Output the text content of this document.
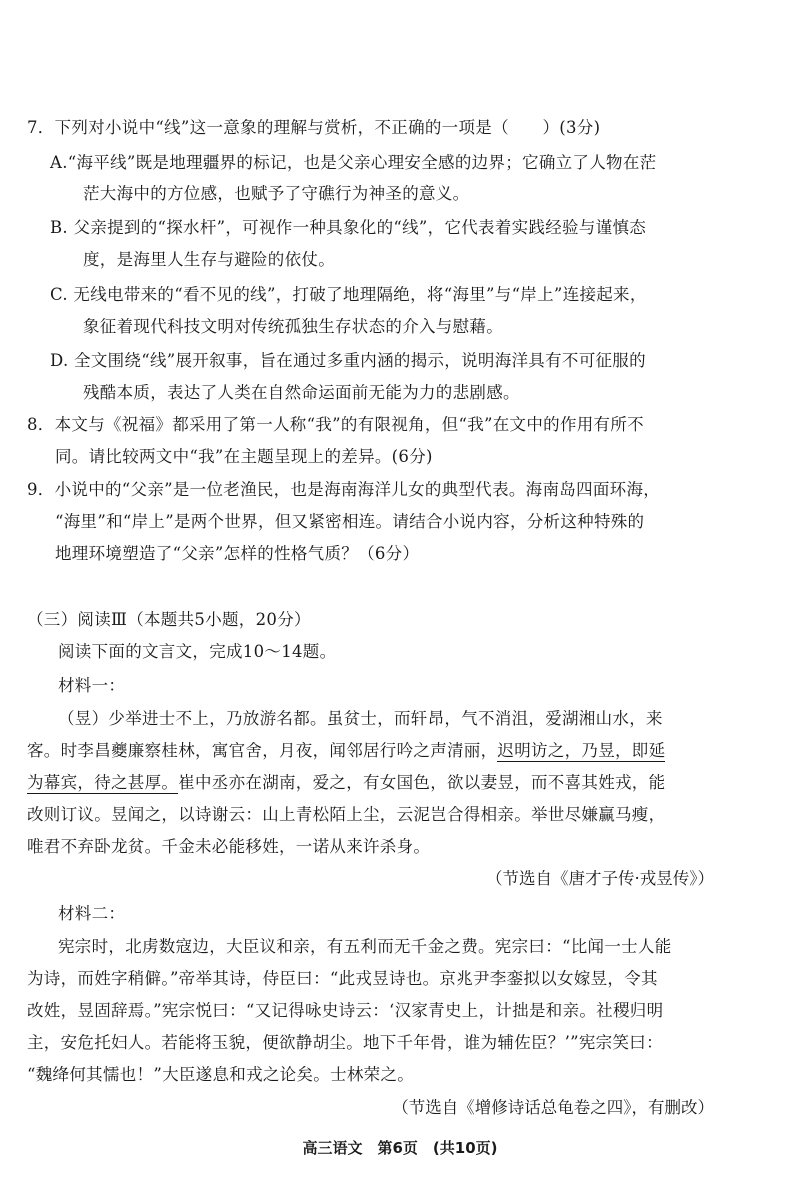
7．下列对小说中“线”这一意象的理解与赏析，不正确的一项是（　　）(3分)
A.“海平线”既是地理疆界的标记，也是父亲心理安全感的边界；它确立了人物在茫
茫大海中的方位感，也赋予了守礁行为神圣的意义。
B. 父亲提到的“探水杆”，可视作一种具象化的“线”，它代表着实践经验与谨慎态
度，是海里人生存与避险的依仗。
C. 无线电带来的“看不见的线”，打破了地理隔绝，将“海里”与“岸上”连接起来，
象征着现代科技文明对传统孤独生存状态的介入与慰藉。
D. 全文围绕“线”展开叙事，旨在通过多重内涵的揭示，说明海洋具有不可征服的
残酷本质，表达了人类在自然命运面前无能为力的悲剧感。
8．本文与《祝福》都采用了第一人称“我”的有限视角，但“我”在文中的作用有所不
同。请比较两文中“我”在主题呈现上的差异。(6分)
9．小说中的“父亲”是一位老渔民，也是海南海洋儿女的典型代表。海南岛四面环海，
“海里”和“岸上”是两个世界，但又紧密相连。请结合小说内容，分析这种特殊的
地理环境塑造了“父亲”怎样的性格气质？（6分）
（三）阅读Ⅲ（本题共5小题，20分）
阅读下面的文言文，完成10～14题。
材料一：
（昱）少举进士不上，乃放游名都。虽贫士，而轩昂，气不消沮，爱湖湘山水，来
客。时李昌夔廉察桂林，寓官舍，月夜，闻邻居行吟之声清丽，迟明访之，乃昱，即延
为幕宾，待之甚厚。崔中丞亦在湖南，爱之，有女国色，欲以妻昱，而不喜其姓戎，能
改则订议。昱闻之，以诗谢云：山上青松陌上尘，云泥岂合得相亲。举世尽嫌赢马瘦，
唯君不弃卧龙贫。千金未必能移姓，一诺从来许杀身。
（节选自《唐才子传·戎昱传》）
材料二：
宪宗时，北虏数寇边，大臣议和亲，有五利而无千金之费。宪宗曰：“比闻一士人能
为诗，而姓字稍僻。”帝举其诗，侍臣曰：“此戎昱诗也。京兆尹李銮拟以女嫁昱，令其
改姓，昱固辞焉。”宪宗悦曰：“又记得咏史诗云：‘汉家青史上，计拙是和亲。社稷归明
主，安危托妇人。若能将玉貌，便欲静胡尘。地下千年骨，谁为辅佐臣？’”宪宗笑曰：
“魏绛何其懦也！”大臣遂息和戎之论矣。士林荣之。
（节选自《增修诗话总龟卷之四》，有删改）
高三语文　第6页　(共10页)
